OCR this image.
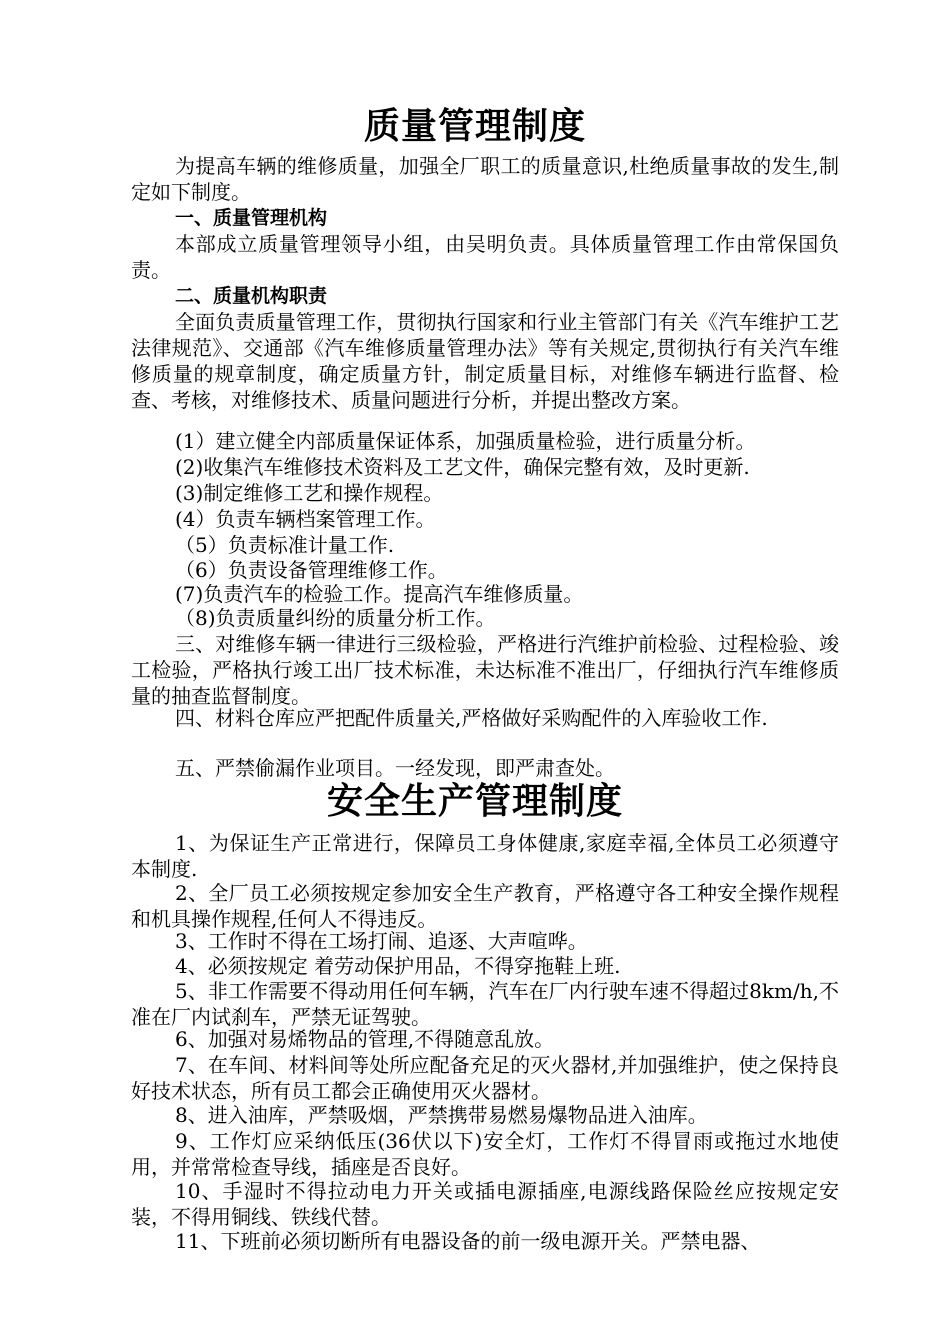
质量管理制度
为提高车辆的维修质量，加强全厂职工的质量意识,杜绝质量事故的发生,制定如下制度。
一、质量管理机构
本部成立质量管理领导小组，由吴明负责。具体质量管理工作由常保国负责。
二、质量机构职责
全面负责质量管理工作，贯彻执行国家和行业主管部门有关《汽车维护工艺法律规范》、交通部《汽车维修质量管理办法》等有关规定,贯彻执行有关汽车维修质量的规章制度，确定质量方针，制定质量目标，对维修车辆进行监督、检查、考核，对维修技术、质量问题进行分析，并提出整改方案。
(1）建立健全内部质量保证体系，加强质量检验，进行质量分析。
(2)收集汽车维修技术资料及工艺文件，确保完整有效，及时更新.
(3)制定维修工艺和操作规程。
(4）负责车辆档案管理工作。
（5）负责标准计量工作.
（6）负责设备管理维修工作。
(7)负责汽车的检验工作。提高汽车维修质量。
（8)负责质量纠纷的质量分析工作。
三、对维修车辆一律进行三级检验，严格进行汽维护前检验、过程检验、竣工检验，严格执行竣工出厂技术标准，未达标准不准出厂，仔细执行汽车维修质量的抽查监督制度。
四、材料仓库应严把配件质量关,严格做好采购配件的入库验收工作.
五、严禁偷漏作业项目。一经发现，即严肃查处。
安全生产管理制度
1、为保证生产正常进行，保障员工身体健康,家庭幸福,全体员工必须遵守本制度.
2、全厂员工必须按规定参加安全生产教育，严格遵守各工种安全操作规程和机具操作规程,任何人不得违反。
3、工作时不得在工场打闹、追逐、大声喧哗。
4、必须按规定 着劳动保护用品，不得穿拖鞋上班.
5、非工作需要不得动用任何车辆，汽车在厂内行驶车速不得超过8km/h,不准在厂内试刹车，严禁无证驾驶。
6、加强对易烯物品的管理,不得随意乱放。
7、在车间、材料间等处所应配备充足的灭火器材,并加强维护，使之保持良好技术状态，所有员工都会正确使用灭火器材。
8、进入油库，严禁吸烟，严禁携带易燃易爆物品进入油库。
9、工作灯应采纳低压(36伏以下)安全灯，工作灯不得冒雨或拖过水地使用，并常常检查导线，插座是否良好。
10、手湿时不得拉动电力开关或插电源插座,电源线路保险丝应按规定安装，不得用铜线、铁线代替。
11、下班前必须切断所有电器设备的前一级电源开关。严禁电器、
